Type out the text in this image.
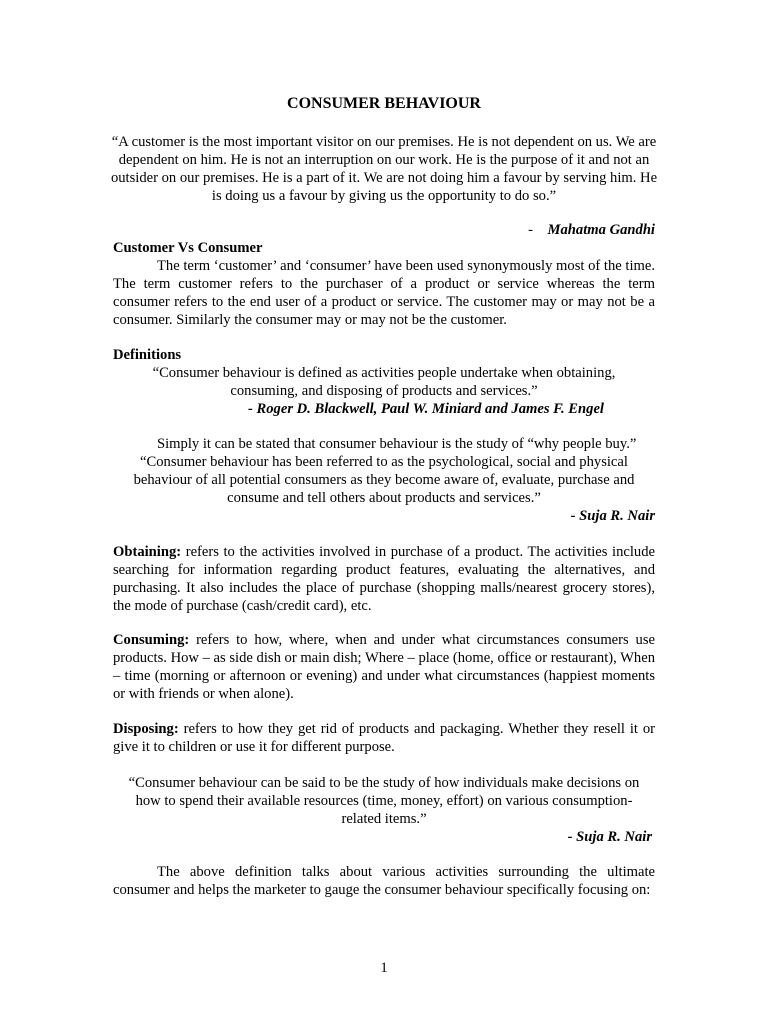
CONSUMER BEHAVIOUR
“A customer is the most important visitor on our premises. He is not dependent on us. We are dependent on him. He is not an interruption on our work. He is the purpose of it and not an outsider on our premises. He is a part of it. We are not doing him a favour by serving him. He is doing us a favour by giving us the opportunity to do so.”
- Mahatma Gandhi
Customer Vs Consumer
The term ‘customer’ and ‘consumer’ have been used synonymously most of the time. The term customer refers to the purchaser of a product or service whereas the term consumer refers to the end user of a product or service. The customer may or may not be a consumer. Similarly the consumer may or may not be the customer.
Definitions
“Consumer behaviour is defined as activities people undertake when obtaining, consuming, and disposing of products and services.”
- Roger D. Blackwell, Paul W. Miniard and James F. Engel
Simply it can be stated that consumer behaviour is the study of “why people buy.”
“Consumer behaviour has been referred to as the psychological, social and physical behaviour of all potential consumers as they become aware of, evaluate, purchase and consume and tell others about products and services.”
- Suja R. Nair
Obtaining: refers to the activities involved in purchase of a product. The activities include searching for information regarding product features, evaluating the alternatives, and purchasing. It also includes the place of purchase (shopping malls/nearest grocery stores), the mode of purchase (cash/credit card), etc.
Consuming: refers to how, where, when and under what circumstances consumers use products. How – as side dish or main dish; Where – place (home, office or restaurant), When – time (morning or afternoon or evening) and under what circumstances (happiest moments or with friends or when alone).
Disposing: refers to how they get rid of products and packaging. Whether they resell it or give it to children or use it for different purpose.
“Consumer behaviour can be said to be the study of how individuals make decisions on how to spend their available resources (time, money, effort) on various consumption-related items.”
- Suja R. Nair
The above definition talks about various activities surrounding the ultimate consumer and helps the marketer to gauge the consumer behaviour specifically focusing on:
1
